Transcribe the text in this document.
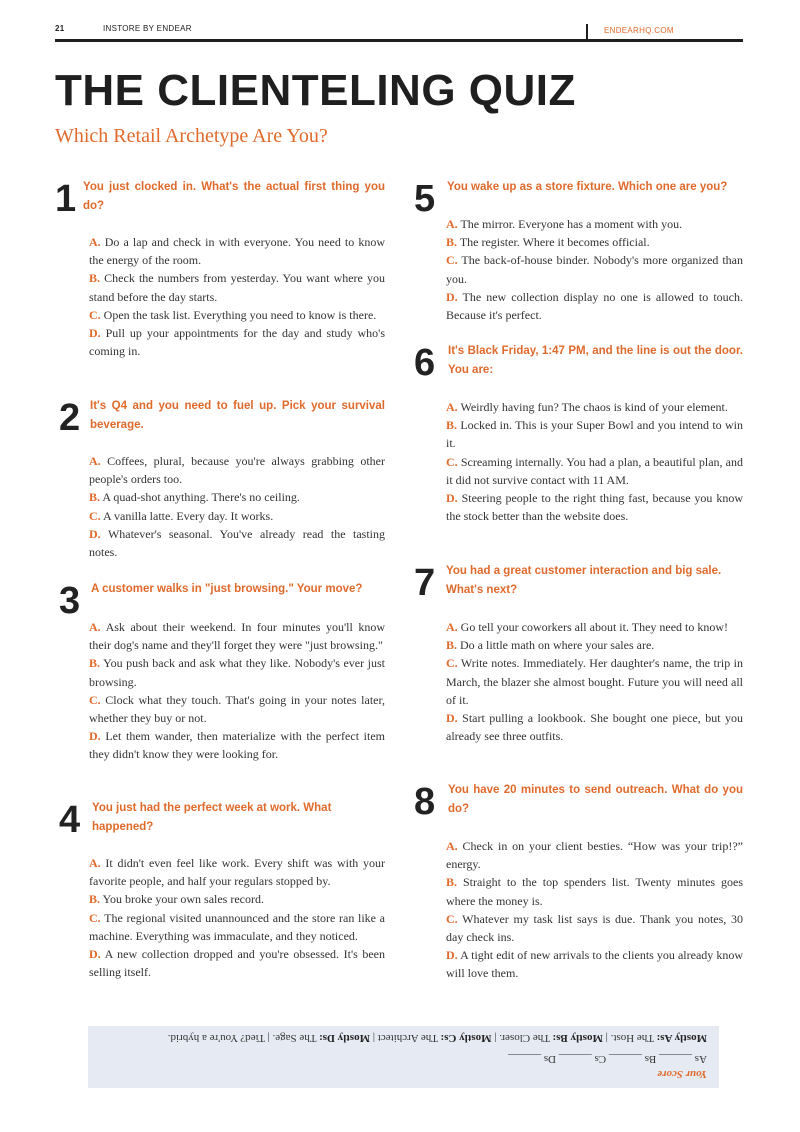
21	INSTORE BY ENDEAR	ENDEARHQ.COM
THE CLIENTELING QUIZ
Which Retail Archetype Are You?
1 You just clocked in. What's the actual first thing you do?

A. Do a lap and check in with everyone. You need to know the energy of the room.

B. Check the numbers from yesterday. You want where you stand before the day starts.

C. Open the task list. Everything you need to know is there.

D. Pull up your appointments for the day and study who's coming in.

2 It's Q4 and you need to fuel up. Pick your survival beverage.

A. Coffees, plural, because you're always grabbing other people's orders too.

B. A quad-shot anything. There's no ceiling.

C. A vanilla latte. Every day. It works.

D. Whatever's seasonal. You've already read the tasting notes.

3 A customer walks in "just browsing." Your move?

A. Ask about their weekend. In four minutes you'll know their dog's name and they'll forget they were "just browsing."

B. You push back and ask what they like. Nobody's ever just browsing.

C. Clock what they touch. That's going in your notes later, whether they buy or not.

D. Let them wander, then materialize with the perfect item they didn't know they were looking for.

4 You just had the perfect week at work. What happened?

A. It didn't even feel like work. Every shift was with your favorite people, and half your regulars stopped by.

B. You broke your own sales record.

C. The regional visited unannounced and the store ran like a machine. Everything was immaculate, and they noticed.

D. A new collection dropped and you're obsessed. It's been selling itself.

5 You wake up as a store fixture. Which one are you?

A. The mirror. Everyone has a moment with you.

B. The register. Where it becomes official.

C. The back-of-house binder. Nobody's more organized than you.

D. The new collection display no one is allowed to touch. Because it's perfect.

6 It's Black Friday, 1:47 PM, and the line is out the door. You are:

A. Weirdly having fun? The chaos is kind of your element.

B. Locked in. This is your Super Bowl and you intend to win it.

C. Screaming internally. You had a plan, a beautiful plan, and it did not survive contact with 11 AM.

D. Steering people to the right thing fast, because you know the stock better than the website does.

7 You had a great customer interaction and big sale. What's next?

A. Go tell your coworkers all about it. They need to know!

B. Do a little math on where your sales are.

C. Write notes. Immediately. Her daughter's name, the trip in March, the blazer she almost bought. Future you will need all of it.

D. Start pulling a lookbook. She bought one piece, but you already see three outfits.

8 You have 20 minutes to send outreach. What do you do?

A. Check in on your client besties. “How was your trip!?” energy.

B. Straight to the top spenders list. Twenty minutes goes where the money is.

C. Whatever my task list says is due. Thank you notes, 30 day check ins.

D. A tight edit of new arrivals to the clients you already know will love them.

Your Score
As ______ Bs ______ Cs ______ Ds ______
Mostly As: The Host. | Mostly Bs: The Closer. | Mostly Cs: The Architect | Mostly Ds: The Sage. | Tied? You're a hybrid.
